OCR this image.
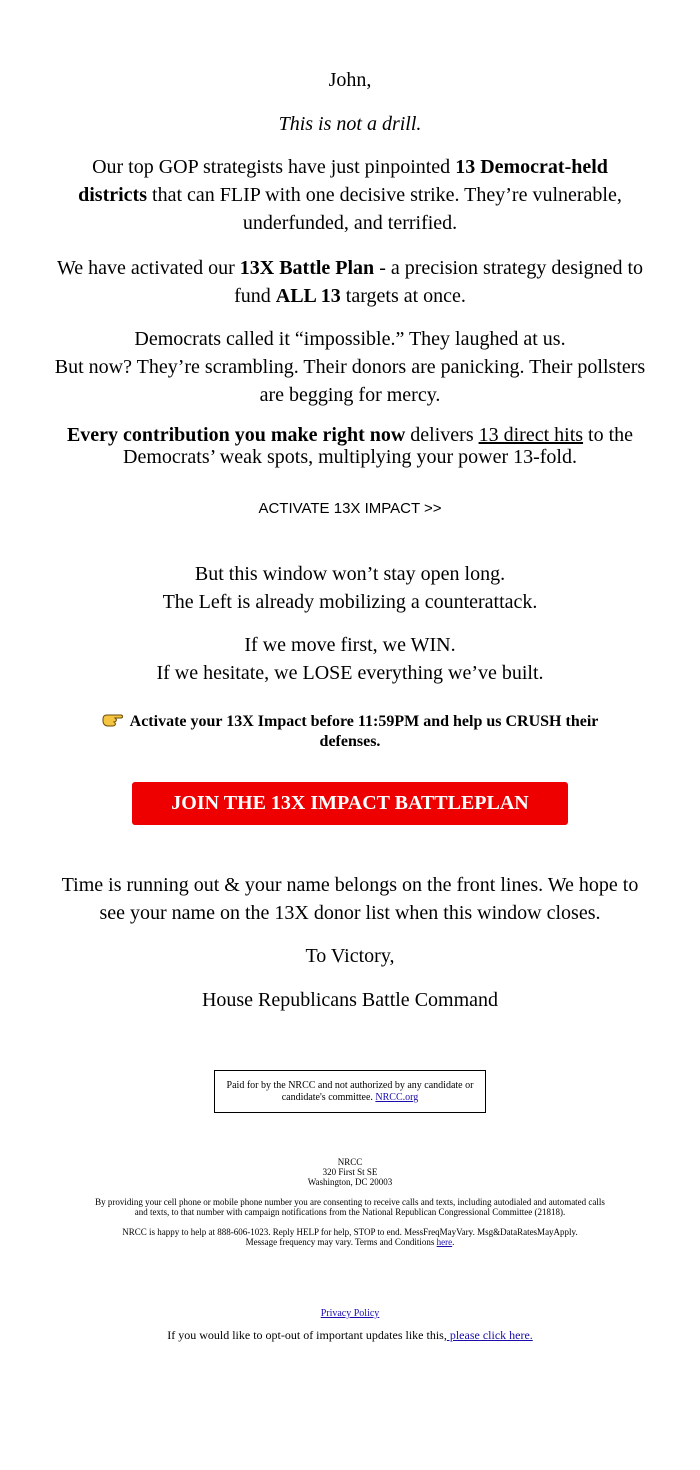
John,

This is not a drill.

Our top GOP strategists have just pinpointed 13 Democrat-held districts that can FLIP with one decisive strike. They’re vulnerable, underfunded, and terrified.

We have activated our 13X Battle Plan - a precision strategy designed to fund ALL 13 targets at once.

Democrats called it “impossible.” They laughed at us.
But now? They’re scrambling. Their donors are panicking. Their pollsters are begging for mercy.

Every contribution you make right now delivers 13 direct hits to the Democrats’ weak spots, multiplying your power 13-fold.

ACTIVATE 13X IMPACT >>

But this window won’t stay open long.
The Left is already mobilizing a counterattack.

If we move first, we WIN.
If we hesitate, we LOSE everything we’ve built.

Activate your 13X Impact before 11:59PM and help us CRUSH their defenses.

JOIN THE 13X IMPACT BATTLEPLAN

Time is running out & your name belongs on the front lines. We hope to see your name on the 13X donor list when this window closes.

To Victory,

House Republicans Battle Command

Paid for by the NRCC and not authorized by any candidate or candidate's committee. NRCC.org
NRCC
320 First St SE
Washington, DC 20003

By providing your cell phone or mobile phone number you are consenting to receive calls and texts, including autodialed and automated calls and texts, to that number with campaign notifications from the National Republican Congressional Committee (21818).

NRCC is happy to help at 888-606-1023. Reply HELP for help, STOP to end. MessFreqMayVary. Msg&DataRatesMayApply. Message frequency may vary. Terms and Conditions here.

Privacy Policy

If you would like to opt-out of important updates like this, please click here.
